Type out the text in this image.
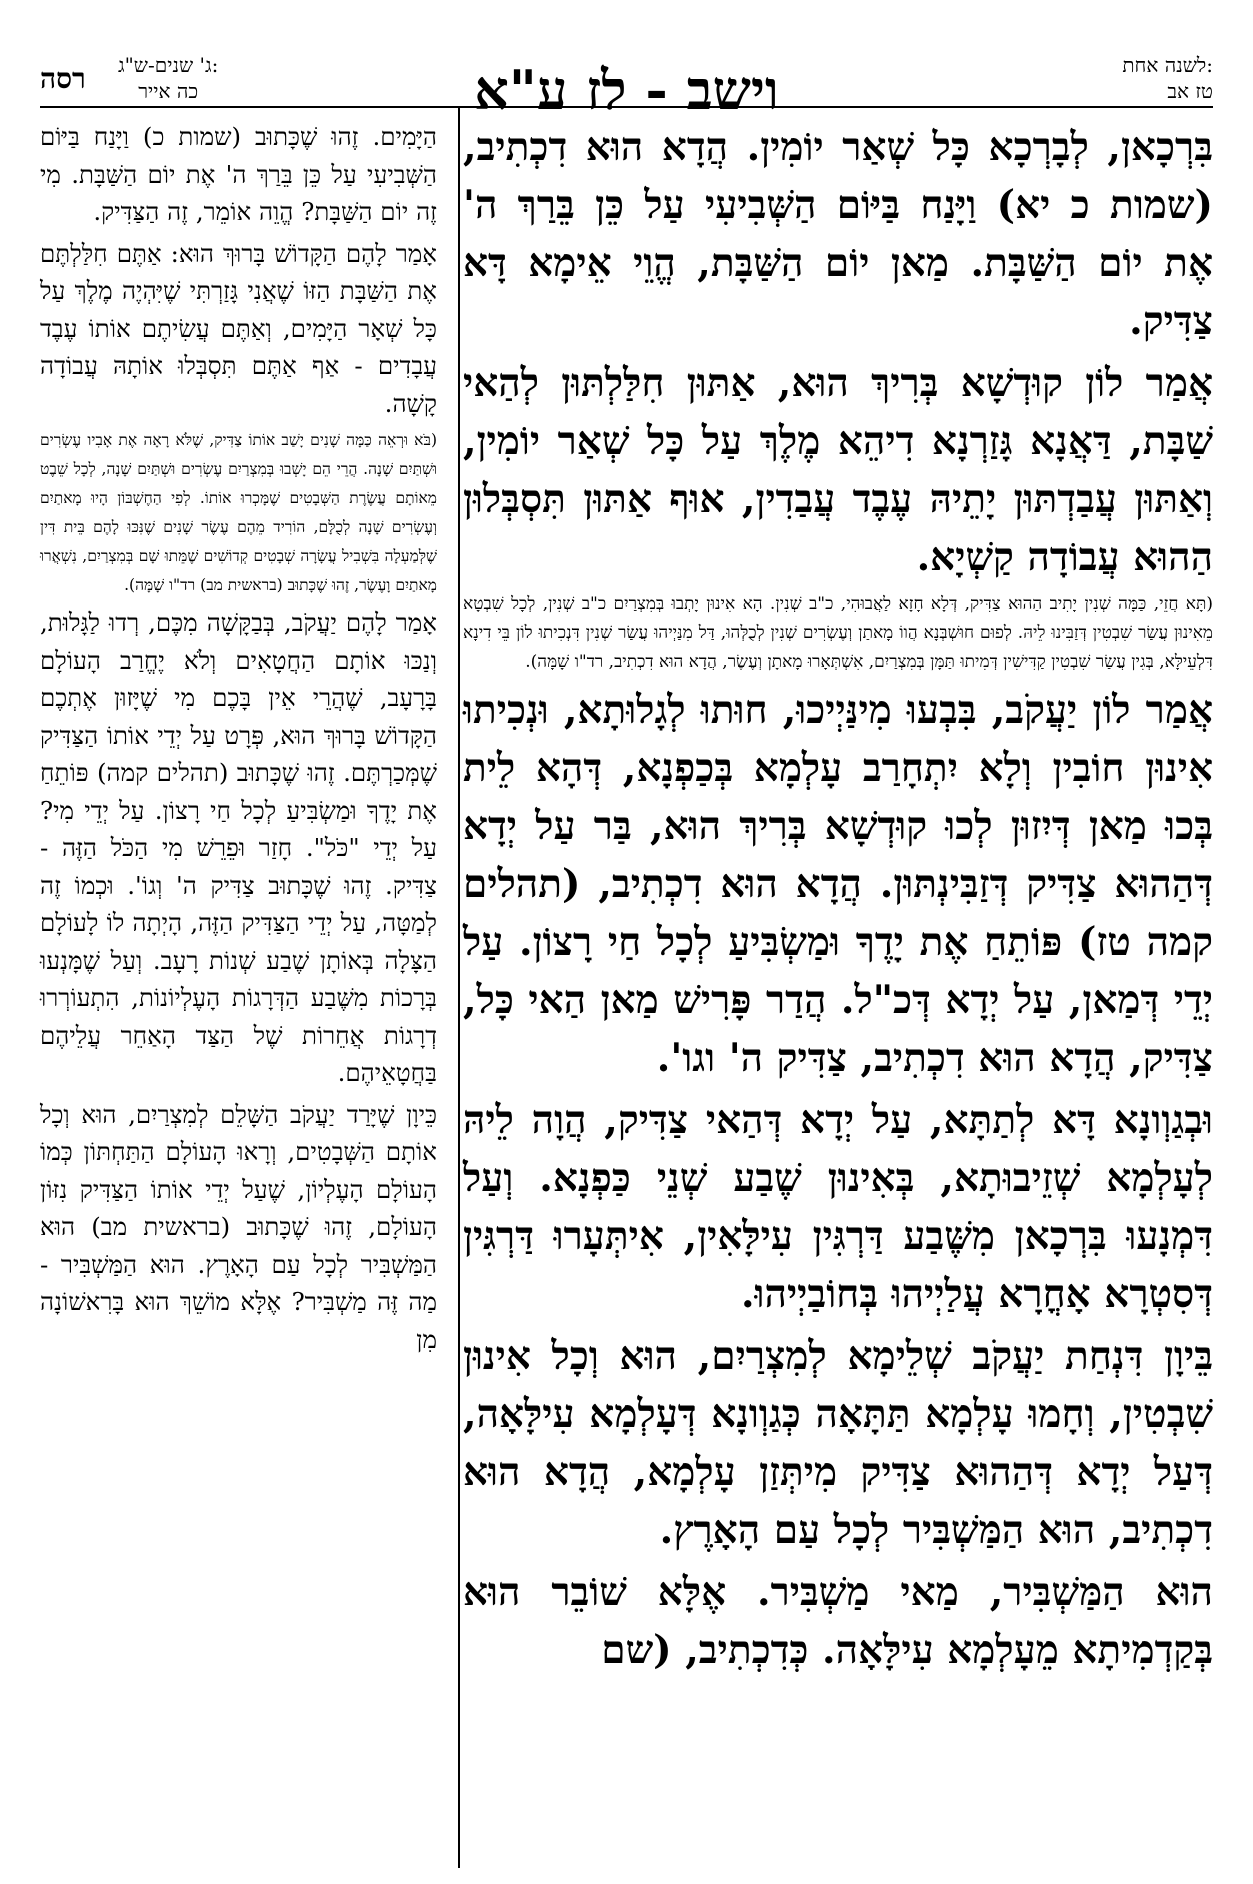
לשנה אחת:
טז אב
וישב - לז ע"א
רסה ג' שנים-ש"ג:
כה אייר

בִּרְכָאן, לְבָרְכָא כָּל שְׁאַר יוֹמִין. הֲדָא הוּא דִכְתִיב, (שמות כ יא) וַיָּנַח בַּיּוֹם הַשְּׁבִיעִי עַל כֵּן בֵּרַךְ ה' אֶת יוֹם הַשַּׁבָּת. מַאן יוֹם הַשַּׁבָּת, הֱוֵי אֵימָא דָּא צַדִּיק.

אֲמַר לוֹן קוּדְשָׁא בְּרִיךְ הוּא, אַתּוּן חִלַּלְתּוּן לְהַאי שַׁבָּת, דַּאֲנָא גָּזַרְנָא דִיהֵא מֶלֶךְ עַל כָּל שְׁאַר יוֹמִין, וְאַתּוּן עֲבַדְתּוּן יָתֵיהּ עֶבֶד עֲבַדִין, אוּף אַתּוּן תִּסְבְּלוּן הַהוּא עֲבוֹדָה קַשְׁיָא.

(תָּא חֲזֵי, כַּמָּה שְׁנִין יָתִיב הַהוּא צַדִּיק, דְּלָא חָזָא לַאֲבוּהִי, כ"ב שְׁנִין. הָא אִינוּן יָתְבוּ בְּמִצְרַיִם כ"ב שְׁנִין, לְכָל שִׁבְטָא מֵאִינוּן עֲשַׂר שִׁבְטִין דְּזַבִּינוּ לֵיהּ. לְפוּם חוּשְׁבְּנָא הֲווֹ מָאתַן וְעֶשְׂרִים שְׁנִין לְכֻלְּהוּ, דַּל מִנַּיְיהוּ עֲשַׂר שְׁנִין דִּנְכִיתוּ לוֹן בֵּי דִינָא דִּלְעֵילָּא, בְּגִין עֲשַׂר שִׁבְטִין קַדִּישִׁין דְּמִיתוּ תַּמָּן בְּמִצְרַיִם, אִשְׁתְּאָרוּ מָאתָן וְעֶשֶׂר, הֲדָא הוּא דִכְתִיב, רד"ו שָׁמָּה).

אֲמַר לוֹן יַעֲקֹב, בִּבְעוּ מִינַּיְיכוּ, חוּתוּ לְגָלוּתָא, וּנְכִיתוּ אִינוּן חוֹבִין וְלָא יִתְחָרַב עָלְמָא בְּכַפְנָא, דְּהָא לֵית בְּכוּ מַאן דְּיִזוּן לְכוּ קוּדְשָׁא בְּרִיךְ הוּא, בַּר עַל יְדָא דְּהַהוּא צַדִּיק דְּזַבִּינְתּוּן. הֲדָא הוּא דִכְתִיב, (תהלים קמה טז) פּוֹתֵחַ אֶת יָדֶךָ וּמַשְׂבִּיעַ לְכָל חַי רָצוֹן. עַל יְדֵי דְּמַאן, עַל יְדָא דְּכ"ל. הֲדַר פָּרִישׁ מַאן הַאי כָּל, צַדִּיק, הֲדָא הוּא דִכְתִיב, צַדִּיק ה' וגו'.

וּבְגַוְונָא דָּא לְתַתָּא, עַל יְדָא דְּהַאי צַדִּיק, הֲוָה לֵיהּ לְעָלְמָא שְׁזֵיבוּתָא, בְּאִינוּן שֶׁבַע שְׁנֵי כַּפְנָא. וְעַל דִּמְנָעוּ בִּרְכָאן מִשֶּׁבַע דַּרְגִּין עִילָּאִין, אִיתְּעָרוּ דַּרְגִּין דְּסִטְרָא אָחֳרָא עֲלַיְיהוּ בְּחוֹבַיְיהוּ.

בֵּיוָן דִּנְחַת יַעֲקֹב שְׁלֵימָא לְמִצְרַיִם, הוּא וְכָל אִינוּן שִׁבְטִין, וְחָמוּ עָלְמָא תַּתָּאָה כְּגַוְונָא דְּעָלְמָא עִילָּאָה, דְּעַל יְדָא דְּהַהוּא צַדִּיק מִיתְּזַן עָלְמָא, הֲדָא הוּא דִכְתִיב, הוּא הַמַּשְׁבִּיר לְכָל עַם הָאָרֶץ.

הוּא הַמַּשְׁבִּיר, מַאי מַשְׁבִּיר. אֶלָּא שׁוֹבֵר הוּא בְּקַדְמִיתָא מֵעָלְמָא עִילָּאָה. כְּדִכְתִיב, (שם

הַיָּמִים. זֶהוּ שֶׁכָּתוּב (שמות כ) וַיָּנַח בַּיּוֹם הַשְּׁבִיעִי עַל כֵּן בֵּרַךְ ה' אֶת יוֹם הַשַּׁבָּת. מִי זֶה יוֹם הַשַּׁבָּת? הֱוֵה אוֹמֵר, זֶה הַצַּדִּיק.

אָמַר לָהֶם הַקָּדוֹשׁ בָּרוּךְ הוּא: אַתֶּם חִלַּלְתֶּם אֶת הַשַּׁבָּת הַזּוֹ שֶׁאֲנִי גָּזַרְתִּי שֶׁיִּהְיֶה מֶלֶךְ עַל כָּל שְׁאָר הַיָּמִים, וְאַתֶּם עֲשִׂיתֶם אוֹתוֹ עֶבֶד עֲבָדִים - אַף אַתֶּם תִּסְבְּלוּ אוֹתָהּ עֲבוֹדָה קָשָׁה.

(בֹּא וּרְאֵה כַּמָּה שָׁנִים יָשַׁב אוֹתוֹ צַדִּיק, שֶׁלֹּא רָאָה אֶת אָבִיו עֶשְׂרִים וּשְׁתַּיִם שָׁנָה. הֲרֵי הֵם יָשְׁבוּ בְּמִצְרַיִם עֶשְׂרִים וּשְׁתַּיִם שָׁנָה, לְכָל שֵׁבֶט מֵאוֹתָם עֲשֶׂרֶת הַשְּׁבָטִים שֶׁמָּכְרוּ אוֹתוֹ. לְפִי הַחֶשְׁבּוֹן הָיוּ מָאתַיִם וְעֶשְׂרִים שָׁנָה לְכֻלָּם, הוֹרִיד מֵהֶם עֶשֶׂר שָׁנִים שֶׁנִּכּוּ לָהֶם בֵּית דִּין שֶׁלְּמַעְלָה בִּשְׁבִיל עֲשָׂרָה שְׁבָטִים קְדוֹשִׁים שֶׁמֵּתוּ שָׁם בְּמִצְרַיִם, נִשְׁאֲרוּ מָאתַיִם וָעֶשֶׂר, זֶהוּ שֶׁכָּתוּב (בראשית מב) רד"ו שָׁמָּה).

אָמַר לָהֶם יַעֲקֹב, בְּבַקָּשָׁה מִכֶּם, רְדוּ לַגָּלוּת, וְנַכּוּ אוֹתָם הַחֲטָאִים וְלֹא יֶחֱרַב הָעוֹלָם בָּרָעָב, שֶׁהֲרֵי אֵין בָּכֶם מִי שֶׁיָּזוּן אֶתְכֶם הַקָּדוֹשׁ בָּרוּךְ הוּא, פְּרָט עַל יְדֵי אוֹתוֹ הַצַּדִּיק שֶׁמְּכַרְתֶּם. זֶהוּ שֶׁכָּתוּב (תהלים קמה) פּוֹתֵחַ אֶת יָדֶךָ וּמַשְׂבִּיעַ לְכָל חַי רָצוֹן. עַל יְדֵי מִי? עַל יְדֵי "כֹּל". חָזַר וּפֵרֵשׁ מִי הַכֹּל הַזֶּה - צַדִּיק. זֶהוּ שֶׁכָּתוּב צַדִּיק ה' וְגוֹ'. וּכְמוֹ זֶה לְמַטָּה, עַל יְדֵי הַצַּדִּיק הַזֶּה, הָיְתָה לוֹ לָעוֹלָם הַצָּלָה בְּאוֹתָן שֶׁבַע שְׁנוֹת רָעָב. וְעַל שֶׁמָּנְעוּ בְּרָכוֹת מִשֶּׁבַע הַדְּרָגוֹת הָעֶלְיוֹנוֹת, הִתְעוֹרְרוּ דְרָגוֹת אֲחֵרוֹת שֶׁל הַצַּד הָאַחֵר עֲלֵיהֶם בַּחֲטָאֵיהֶם.

כֵּיוָן שֶׁיָּרַד יַעֲקֹב הַשָּׁלֵם לְמִצְרַיִם, הוּא וְכָל אוֹתָם הַשְּׁבָטִים, וְרָאוּ הָעוֹלָם הַתַּחְתּוֹן כְּמוֹ הָעוֹלָם הָעֶלְיוֹן, שֶׁעַל יְדֵי אוֹתוֹ הַצַּדִּיק נִזּוֹן הָעוֹלָם, זֶהוּ שֶׁכָּתוּב (בראשית מב) הוּא הַמַּשְׁבִּיר לְכָל עַם הָאָרֶץ. הוּא הַמַּשְׁבִּיר - מַה זֶּה מַשְׁבִּיר? אֶלָּא מוֹשֵׁךְ הוּא בָּרִאשׁוֹנָה מִן
